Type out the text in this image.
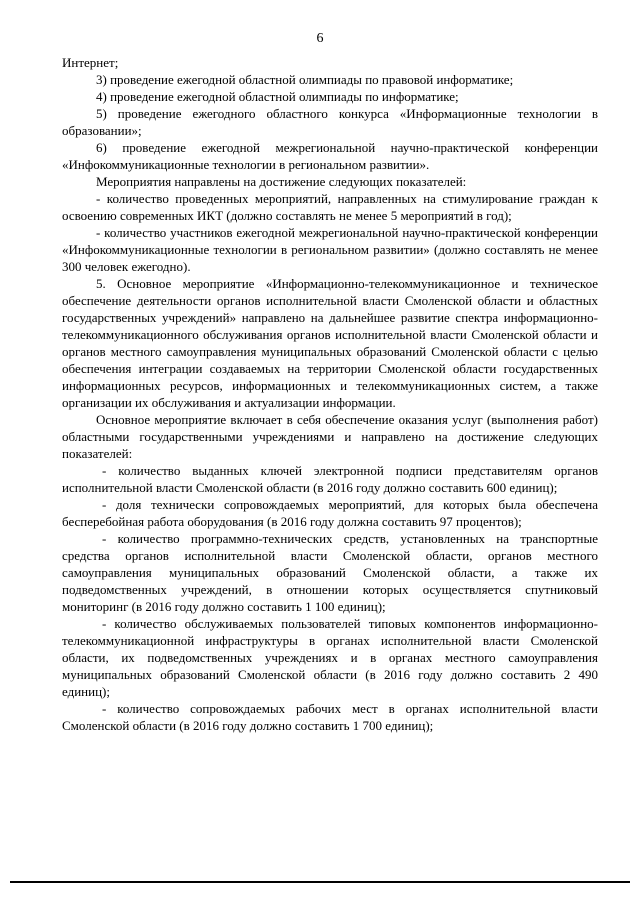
6

Интернет;

3) проведение ежегодной областной олимпиады по правовой информатике;

4) проведение ежегодной областной олимпиады по информатике;

5) проведение ежегодного областного конкурса «Информационные технологии в образовании»;

6) проведение ежегодной межрегиональной научно-практической конференции «Инфокоммуникационные технологии в региональном развитии».

Мероприятия направлены на достижение следующих показателей:

- количество проведенных мероприятий, направленных на стимулирование граждан к освоению современных ИКТ (должно составлять не менее 5 мероприятий в год);

- количество участников ежегодной межрегиональной научно-практической конференции «Инфокоммуникационные технологии в региональном развитии» (должно составлять не менее 300 человек ежегодно).

5. Основное мероприятие «Информационно-телекоммуникационное и техническое обеспечение деятельности органов исполнительной власти Смоленской области и областных государственных учреждений» направлено на дальнейшее развитие спектра информационно-телекоммуникационного обслуживания органов исполнительной власти Смоленской области и органов местного самоуправления муниципальных образований Смоленской области с целью обеспечения интеграции создаваемых на территории Смоленской области государственных информационных ресурсов, информационных и телекоммуникационных систем, а также организации их обслуживания и актуализации информации.

Основное мероприятие включает в себя обеспечение оказания услуг (выполнения работ) областными государственными учреждениями и направлено на достижение следующих показателей:

- количество выданных ключей электронной подписи представителям органов исполнительной власти Смоленской области (в 2016 году должно составить 600 единиц);

- доля технически сопровождаемых мероприятий, для которых была обеспечена бесперебойная работа оборудования (в 2016 году должна составить 97 процентов);

- количество программно-технических средств, установленных на транспортные средства органов исполнительной власти Смоленской области, органов местного самоуправления муниципальных образований Смоленской области, а также их подведомственных учреждений, в отношении которых осуществляется спутниковый мониторинг (в 2016 году должно составить 1 100 единиц);

- количество обслуживаемых пользователей типовых компонентов информационно-телекоммуникационной инфраструктуры в органах исполнительной власти Смоленской области, их подведомственных учреждениях и в органах местного самоуправления муниципальных образований Смоленской области (в 2016 году должно составить 2 490 единиц);

- количество сопровождаемых рабочих мест в органах исполнительной власти Смоленской области (в 2016 году должно составить 1 700 единиц);
